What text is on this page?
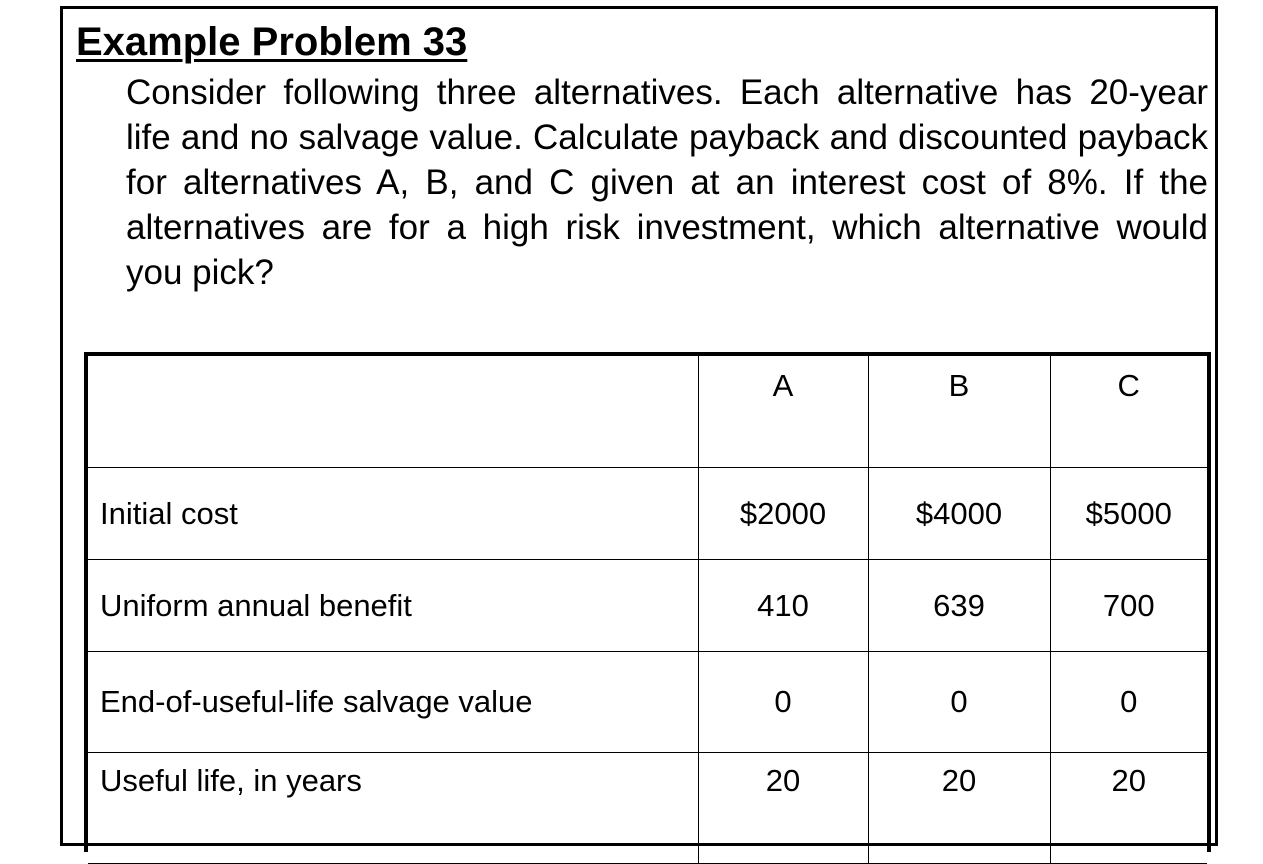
Example Problem 33

Consider following three alternatives. Each alternative has 20-year life and no salvage value. Calculate payback and discounted payback for alternatives A, B, and C given at an interest cost of 8%. If the alternatives are for a high risk investment, which alternative would you pick?

	A	B	C
Initial cost	$2000	$4000	$5000
Uniform annual benefit	410	639	700
End-of-useful-life salvage value	0	0	0
Useful life, in years	20	20	20
